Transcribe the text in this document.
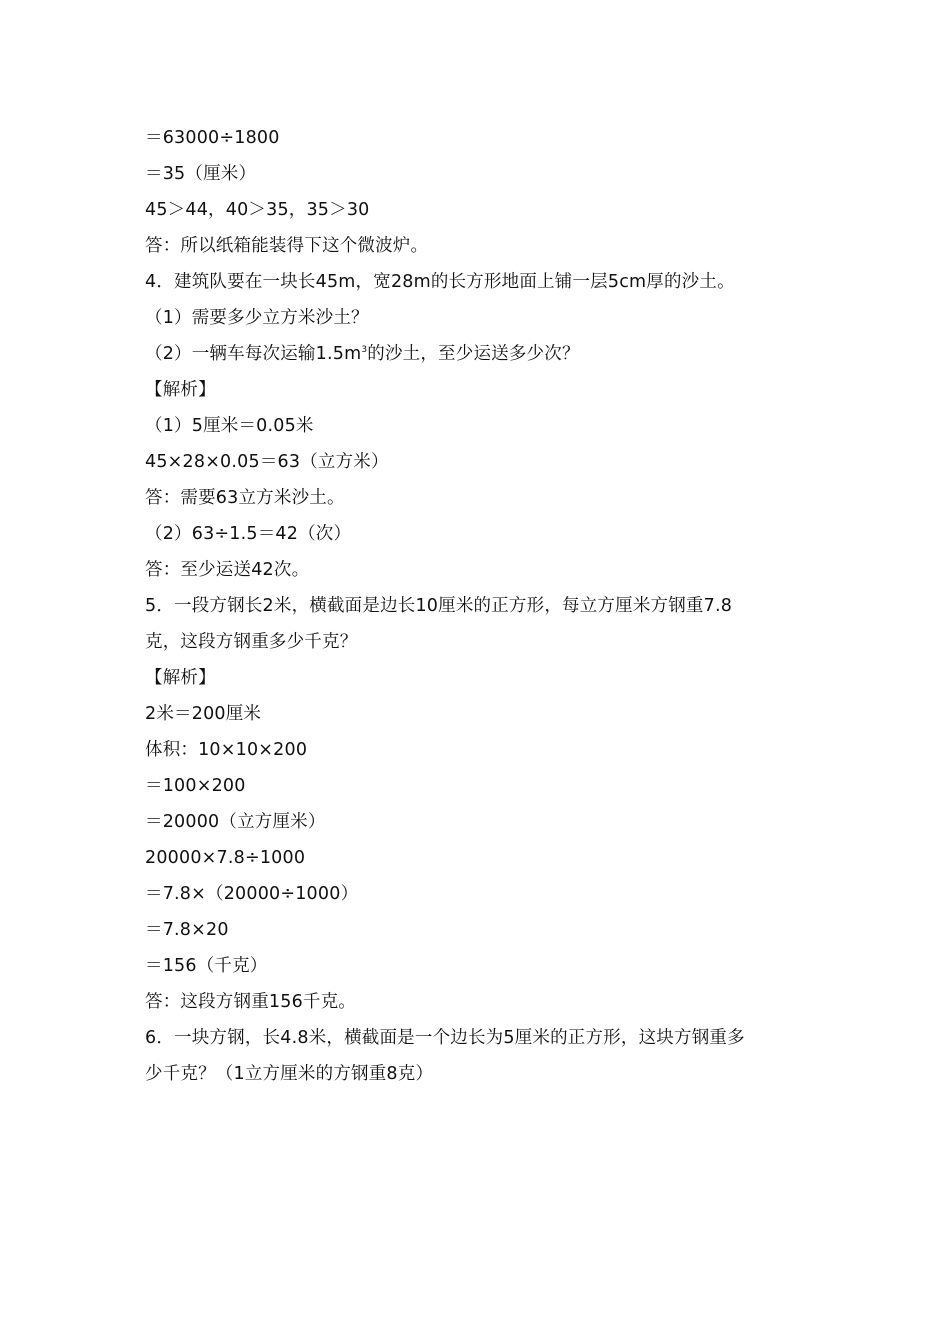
＝63000÷1800
＝35（厘米）
45＞44，40＞35，35＞30
答：所以纸箱能装得下这个微波炉。
4．建筑队要在一块长45m，宽28m的长方形地面上铺一层5cm厚的沙土。
（1）需要多少立方米沙土？
（2）一辆车每次运输$1.5m^3$的沙土，至少运送多少次？
【解析】
（1）5厘米＝0.05米
45×28×0.05＝63（立方米）
答：需要63立方米沙土。
（2）63÷1.5＝42（次）
答：至少运送42次。
5．一段方钢长2米，横截面是边长10厘米的正方形，每立方厘米方钢重7.8
克，这段方钢重多少千克？
【解析】
2米＝200厘米
体积：10×10×200
＝100×200
＝20000（立方厘米）
20000×7.8÷1000
＝7.8×（20000÷1000）
＝7.8×20
＝156（千克）
答：这段方钢重156千克。
6．一块方钢，长4.8米，横截面是一个边长为5厘米的正方形，这块方钢重多
少千克？（1立方厘米的方钢重8克）
